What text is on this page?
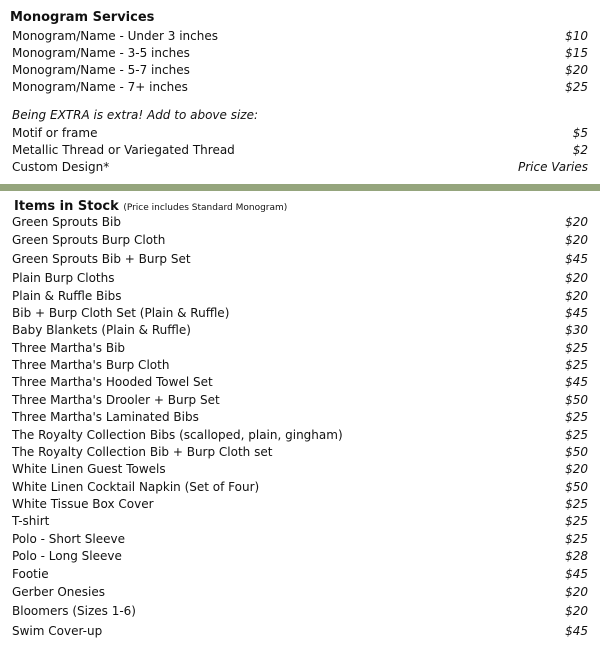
Monogram Services
Monogram/Name - Under 3 inches	$10
Monogram/Name - 3-5 inches	$15
Monogram/Name - 5-7 inches	$20
Monogram/Name - 7+ inches	$25
Being EXTRA is extra! Add to above size:
Motif or frame	$5
Metallic Thread or Variegated Thread	$2
Custom Design*	Price Varies
Items in Stock (Price includes Standard Monogram)
Green Sprouts Bib	$20
Green Sprouts Burp Cloth	$20
Green Sprouts Bib + Burp Set	$45
Plain Burp Cloths	$20
Plain & Ruffle Bibs	$20
Bib + Burp Cloth Set (Plain & Ruffle)	$45
Baby Blankets (Plain & Ruffle)	$30
Three Martha's Bib	$25
Three Martha's Burp Cloth	$25
Three Martha's Hooded Towel Set	$45
Three Martha's Drooler + Burp Set	$50
Three Martha's Laminated Bibs	$25
The Royalty Collection Bibs (scalloped, plain, gingham)	$25
The Royalty Collection Bib + Burp Cloth set	$50
White Linen Guest Towels	$20
White Linen Cocktail Napkin (Set of Four)	$50
White Tissue Box Cover	$25
T-shirt	$25
Polo - Short Sleeve	$25
Polo - Long Sleeve	$28
Footie	$45
Gerber Onesies	$20
Bloomers (Sizes 1-6)	$20
Swim Cover-up	$45
